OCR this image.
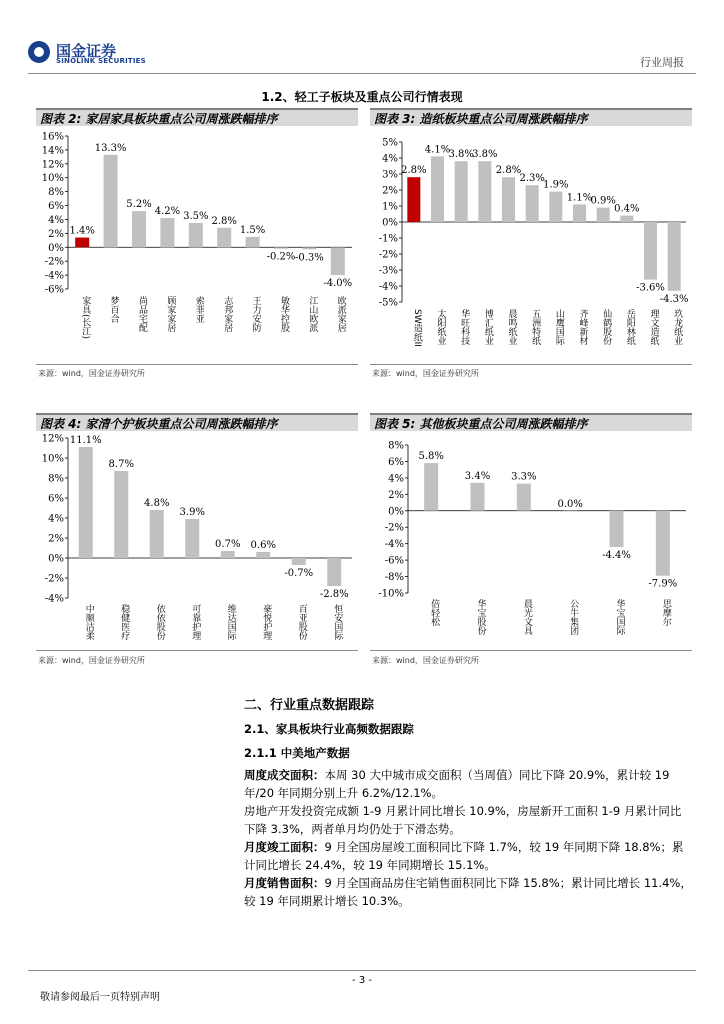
国金证券
SINOLINK SECURITIES	行业周报
1.2、轻工子板块及重点公司行情表现
图表 2: 家居家具板块重点公司周涨跌幅排序
-6%
-4%
-2%
0%
2%
4%
6%
8%
10%
12%
14%
16%
1.4%
家具(长江)
13.3%
梦百合
5.2%
尚品宅配
4.2%
顾家家居
3.5%
索菲亚
2.8%
志邦家居
1.5%
王力安防
-0.2%
敏华控股
-0.3%
江山欧派
-4.0%
欧派家居
来源：wind，国金证券研究所
图表 3: 造纸板块重点公司周涨跌幅排序
-5%
-4%
-3%
-2%
-1%
0%
1%
2%
3%
4%
5%
2.8%
SW造纸II
4.1%
太阳纸业
3.8%
华旺科技
3.8%
博汇纸业
2.8%
晨鸣纸业
2.3%
五洲特纸
1.9%
山鹰国际
1.1%
齐峰新材
0.9%
仙鹤股份
0.4%
岳阳林纸
-3.6%
理文造纸
-4.3%
玖龙纸业
来源：wind，国金证券研究所
图表 4: 家清个护板块重点公司周涨跌幅排序
-4%
-2%
0%
2%
4%
6%
8%
10%
12% 11.1%
中顺洁柔
8.7%
稳健医疗
4.8%
依依股份
3.9%
可靠护理
0.7%
维达国际
0.6%
豪悦护理
-0.7%
百亚股份
-2.8%
恒安国际
来源：wind，国金证券研究所
图表 5: 其他板块重点公司周涨跌幅排序
-10%
-8%
-6%
-4%
-2%
0%
2%
4%
6%
8%
5.8%
倍轻松
3.4%
华宝股份
3.3%
晨光文具
0.0%
公牛集团
-4.4%
华宝国际
-7.9%
思摩尔
来源：wind，国金证券研究所
二、行业重点数据跟踪
2.1、家具板块行业高频数据跟踪
2.1.1 中美地产数据
周度成交面积：本周 30 大中城市成交面积（当周值）同比下降 20.9%，累计较 19 年/20 年同期分别上升 6.2%/12.1%。
房地产开发投资完成额 1-9 月累计同比增长 10.9%，房屋新开工面积 1-9 月累计同比下降 3.3%，两者单月均仍处于下滑态势。
月度竣工面积：9 月全国房屋竣工面积同比下降 1.7%，较 19 年同期下降 18.8%；累计同比增长 24.4%，较 19 年同期增长 15.1%。
月度销售面积：9 月全国商品房住宅销售面积同比下降 15.8%；累计同比增长 11.4%，较 19 年同期累计增长 10.3%。
- 3 -
敬请参阅最后一页特别声明
